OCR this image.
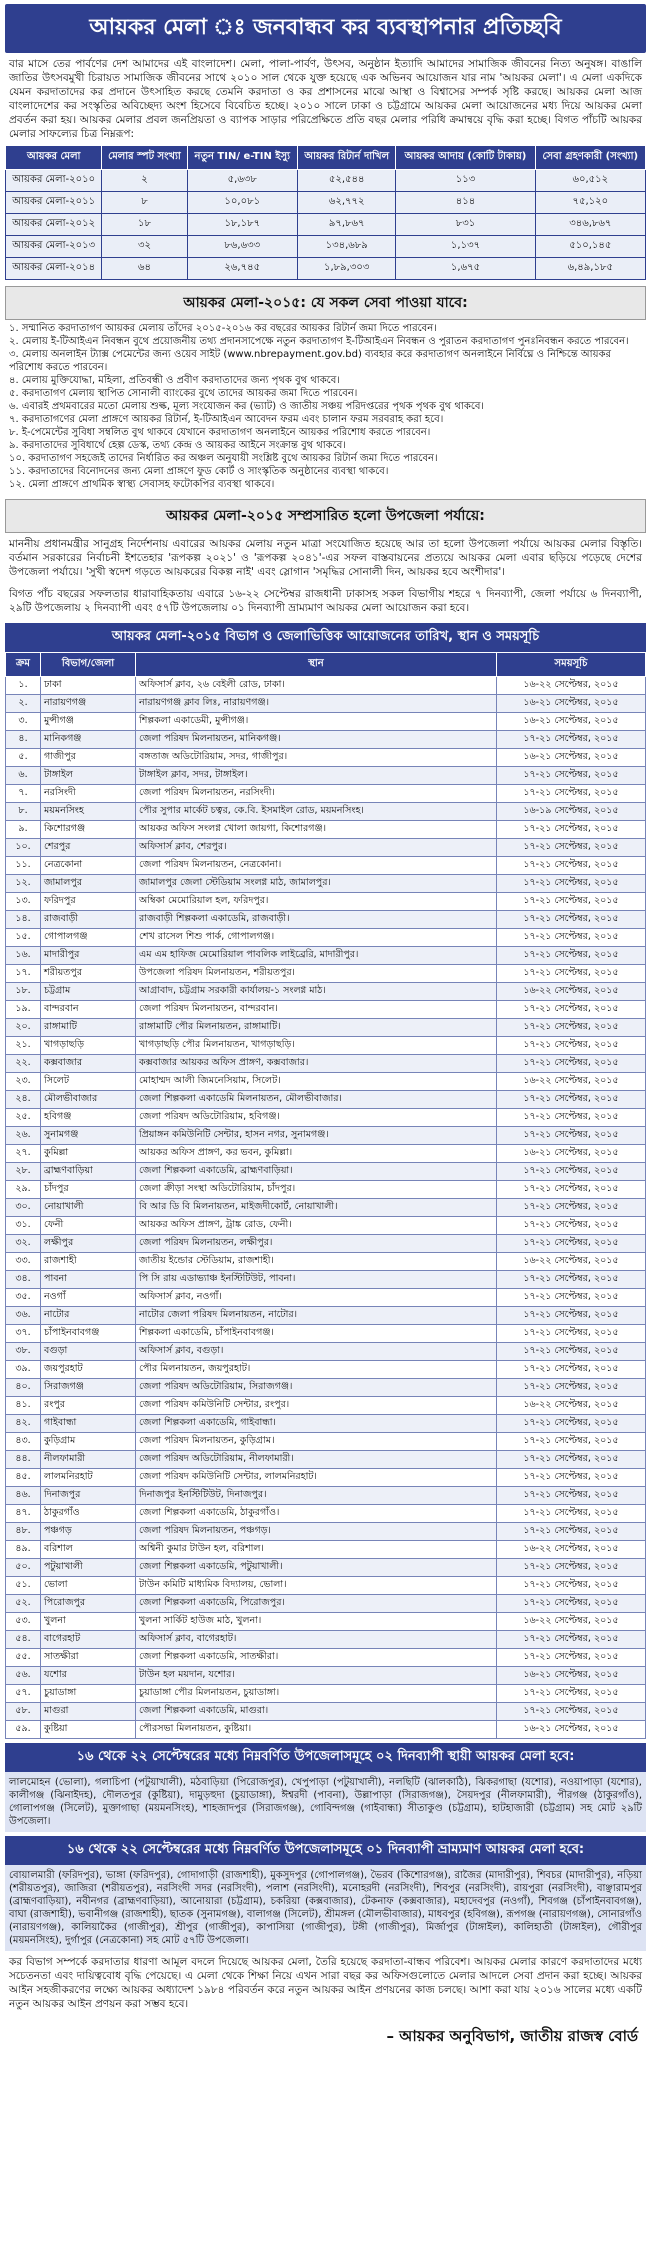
আয়কর মেলা ঃ জনবান্ধব কর ব্যবস্থাপনার প্রতিচ্ছবি
বার মাসে তের পার্বণের দেশ আমাদের এই বাংলাদেশ। মেলা, পালা-পার্বণ, উৎসব, অনুষ্ঠান ইত্যাদি আমাদের সামাজিক জীবনের নিত্য অনুষঙ্গ। বাঙালি জাতির উৎসবমুখী চিরায়ত সামাজিক জীবনের সাথে ২০১০ সাল থেকে যুক্ত হয়েছে এক অভিনব আয়োজন যার নাম 'আয়কর মেলা'। এ মেলা একদিকে যেমন করদাতাদের কর প্রদানে উৎসাহিত করছে তেমনি করদাতা ও কর প্রশাসনের মাঝে আস্থা ও বিশ্বাসের সম্পর্ক সৃষ্টি করছে। আয়কর মেলা আজ বাংলাদেশের কর সংস্কৃতির অবিচ্ছেদ্য অংশ হিসেবে বিবেচিত হচ্ছে। ২০১০ সালে ঢাকা ও চট্টগ্রামে আয়কর মেলা আয়োজনের মধ্য দিয়ে আয়কর মেলা প্রবর্তন করা হয়। আয়কর মেলার প্রবল জনপ্রিয়তা ও ব্যাপক সাড়ার পরিপ্রেক্ষিতে প্রতি বছর মেলার পরিধি ক্রমান্বয়ে বৃদ্ধি করা হচ্ছে। বিগত পাঁচটি আয়কর মেলার সাফল্যের চিত্র নিম্নরূপ:
আয়কর মেলা	মেলার স্পট সংখ্যা	নতুন TIN/ e-TIN ইস্যু	আয়কর রিটার্ন দাখিল	আয়কর আদায় (কোটি টাকায়)	সেবা গ্রহণকারী (সংখ্যা)
আয়কর মেলা-২০১০	২	৫,৬৩৮	৫২,৫৪৪	১১৩	৬০,৫১২
আয়কর মেলা-২০১১	৮	১০,০৮১	৬২,৭৭২	৪১৪	৭৫,১২০
আয়কর মেলা-২০১২	১৮	১৮,১৮৭	৯৭,৮৬৭	৮৩১	৩৪৬,৮৬৭
আয়কর মেলা-২০১৩	৩২	৮৬,৬৩৩	১৩৪,৬৮৯	১,১৩৭	৫১০,১৪৫
আয়কর মেলা-২০১৪	৬৪	২৬,৭৪৫	১,৮৯,৩০৩	১,৬৭৫	৬,৪৯,১৮৫
আয়কর মেলা-২০১৫: যে সকল সেবা পাওয়া যাবে:
১. সম্মানিত করদাতাগণ আয়কর মেলায় তাঁদের ২০১৫-২০১৬ কর বছরের আয়কর রিটার্ন জমা দিতে পারবেন।
২. মেলায় ই-টিআইএন নিবন্ধন বুথে প্রয়োজনীয় তথ্য প্রদানসাপেক্ষে নতুন করদাতাগণ ই-টিআইএন নিবন্ধন ও পুরাতন করদাতাগণ পুনঃনিবন্ধন করতে পারবেন।
৩. মেলায় অনলাইন ট্যাক্স পেমেন্টের জন্য ওয়েব সাইট (www.nbrepayment.gov.bd) ব্যবহার করে করদাতাগণ অনলাইনে নির্বিঘ্নে ও নিশ্চিন্তে আয়কর পরিশোধ করতে পারবেন।
৪. মেলায় মুক্তিযোদ্ধা, মহিলা, প্রতিবন্ধী ও প্রবীণ করদাতাদের জন্য পৃথক বুথ থাকবে।
৫. করদাতাগণ মেলায় স্থাপিত সোনালী ব্যাংকের বুথে তাদের আয়কর জমা দিতে পারবেন।
৬. এবারই প্রথমবারের মতো মেলায় শুল্ক, মূল্য সংযোজন কর (ভ্যাট) ও জাতীয় সঞ্চয় পরিদপ্তরের পৃথক পৃথক বুথ থাকবে।
৭. করদাতাগণের মেলা প্রাঙ্গণে আয়কর রিটার্ন, ই-টিআইএন আবেদন ফরম এবং চালান ফরম সরবরাহ করা হবে।
৮. ই-পেমেন্টের সুবিধা সম্বলিত বুথ থাকবে যেখানে করদাতাগণ অনলাইনে আয়কর পরিশোধ করতে পারবেন।
৯. করদাতাদের সুবিধার্থে হেল্প ডেস্ক, তথ্য কেন্দ্র ও আয়কর আইনে সংক্রান্ত বুথ থাকবে।
১০. করদাতাগণ সহজেই তাদের নির্ধারিত কর অঞ্চল অনুযায়ী সংশ্লিষ্ট বুথে আয়কর রিটার্ন জমা দিতে পারবেন।
১১. করদাতাদের বিনোদনের জন্য মেলা প্রাঙ্গণে ফুড কোর্ট ও সাংস্কৃতিক অনুষ্ঠানের ব্যবস্থা থাকবে।
১২. মেলা প্রাঙ্গণে প্রাথমিক স্বাস্থ্য সেবাসহ ফটোকপির ব্যবস্থা থাকবে।
আয়কর মেলা-২০১৫ সম্প্রসারিত হলো উপজেলা পর্যায়ে:
মাননীয় প্রধানমন্ত্রীর সানুগ্রহ নির্দেশনায় এবারের আয়কর মেলায় নতুন মাত্রা সংযোজিত হয়েছে আর তা হলো উপজেলা পর্যায়ে আয়কর মেলার বিস্তৃতি। বর্তমান সরকারের নির্বাচনী ইশতেহার 'রূপকল্প ২০২১' ও 'রূপকল্প ২০৪১'-এর সফল বাস্তবায়নের প্রত্যয়ে আয়কর মেলা এবার ছড়িয়ে পড়েছে দেশের উপজেলা পর্যায়ে। 'সুখী স্বদেশ গড়তে আয়করের বিকল্প নাই' এবং স্লোগান 'সমৃদ্ধির সোনালী দিন, আয়কর হবে অংশীদার'।
বিগত পাঁচ বছরের সফলতার ধারাবাহিকতায় এবারে ১৬-২২ সেপ্টেম্বর রাজধানী ঢাকাসহ সকল বিভাগীয় শহরে ৭ দিনব্যাপী, জেলা পর্যায়ে ৬ দিনব্যাপী, ২৯টি উপজেলায় ২ দিনব্যাপী এবং ৫৭টি উপজেলায় ০১ দিনব্যাপী ভ্রাম্যমাণ আয়কর মেলা আয়োজন করা হবে।
আয়কর মেলা-২০১৫ বিভাগ ও জেলাভিত্তিক আয়োজনের তারিখ, স্থান ও সময়সূচি
ক্রম	বিভাগ/জেলা	স্থান	সময়সূচি
১.	ঢাকা	অফিসার্স ক্লাব, ২৬ বেইলী রোড, ঢাকা।	১৬-২২ সেপ্টেম্বর, ২০১৫
২.	নারায়ণগঞ্জ	নারায়ণগঞ্জ ক্লাব লিঃ, নারায়ণগঞ্জ।	১৬-২১ সেপ্টেম্বর, ২০১৫
৩.	মুন্সীগঞ্জ	শিল্পকলা একাডেমী, মুন্সীগঞ্জ।	১৬-২১ সেপ্টেম্বর, ২০১৫
৪.	মানিকগঞ্জ	জেলা পরিষদ মিলনায়তন, মানিকগঞ্জ।	১৭-২১ সেপ্টেম্বর, ২০১৫
৫.	গাজীপুর	বঙ্গতাজ অডিটোরিয়াম, সদর, গাজীপুর।	১৬-২১ সেপ্টেম্বর, ২০১৫
৬.	টাঙ্গাইল	টাঙ্গাইল ক্লাব, সদর, টাঙ্গাইল।	১৭-২১ সেপ্টেম্বর, ২০১৫
৭.	নরসিংদী	জেলা পরিষদ মিলনায়তন, নরসিংদী।	১৭-২১ সেপ্টেম্বর, ২০১৫
৮.	ময়মনসিংহ	পৌর সুপার মার্কেট চত্বর, কে.বি. ইসমাইল রোড, ময়মনসিংহ।	১৬-১৯ সেপ্টেম্বর, ২০১৫
৯.	কিশোরগঞ্জ	আয়কর অফিস সংলগ্ন খোলা জায়গা, কিশোরগঞ্জ।	১৭-২১ সেপ্টেম্বর, ২০১৫
১০.	শেরপুর	অফিসার্স ক্লাব, শেরপুর।	১৭-২১ সেপ্টেম্বর, ২০১৫
১১.	নেত্রকোনা	জেলা পরিষদ মিলনায়তন, নেত্রকোনা।	১৭-২১ সেপ্টেম্বর, ২০১৫
১২.	জামালপুর	জামালপুর জেলা স্টেডিয়াম সংলগ্ন মাঠ, জামালপুর।	১৭-২১ সেপ্টেম্বর, ২০১৫
১৩.	ফরিদপুর	অম্বিকা মেমোরিয়াল হল, ফরিদপুর।	১৭-২১ সেপ্টেম্বর, ২০১৫
১৪.	রাজবাড়ী	রাজবাড়ী শিল্পকলা একাডেমি, রাজবাড়ী।	১৭-২১ সেপ্টেম্বর, ২০১৫
১৫.	গোপালগঞ্জ	শেখ রাসেল শিশু পার্ক, গোপালগঞ্জ।	১৭-২১ সেপ্টেম্বর, ২০১৫
১৬.	মাদারীপুর	এম এম হাফিজ মেমোরিয়াল পাবলিক লাইব্রেরি, মাদারীপুর।	১৭-২১ সেপ্টেম্বর, ২০১৫
১৭.	শরীয়তপুর	উপজেলা পরিষদ মিলনায়তন, শরীয়তপুর।	১৭-২১ সেপ্টেম্বর, ২০১৫
১৮.	চট্টগ্রাম	আগ্রাবাদ, চট্টগ্রাম সরকারী কার্যালয়-১ সংলগ্ন মাঠ।	১৬-২২ সেপ্টেম্বর, ২০১৫
১৯.	বান্দরবান	জেলা পরিষদ মিলনায়তন, বান্দরবান।	১৭-২১ সেপ্টেম্বর, ২০১৫
২০.	রাঙ্গামাটি	রাঙ্গামাটি পৌর মিলনায়তন, রাঙ্গামাটি।	১৭-২১ সেপ্টেম্বর, ২০১৫
২১.	খাগড়াছড়ি	খাগড়াছড়ি পৌর মিলনায়তন, খাগড়াছড়ি।	১৭-২১ সেপ্টেম্বর, ২০১৫
২২.	কক্সবাজার	কক্সবাজার আয়কর অফিস প্রাঙ্গণ, কক্সবাজার।	১৭-২১ সেপ্টেম্বর, ২০১৫
২৩.	সিলেট	মোহাম্মদ আলী জিমনেসিয়াম, সিলেট।	১৬-২২ সেপ্টেম্বর, ২০১৫
২৪.	মৌলভীবাজার	জেলা শিল্পকলা একাডেমি মিলনায়তন, মৌলভীবাজার।	১৭-২১ সেপ্টেম্বর, ২০১৫
২৫.	হবিগঞ্জ	জেলা পরিষদ অডিটোরিয়াম, হবিগঞ্জ।	১৭-২১ সেপ্টেম্বর, ২০১৫
২৬.	সুনামগঞ্জ	প্রিয়াঙ্গন কমিউনিটি সেন্টার, হাসন নগর, সুনামগঞ্জ।	১৭-২১ সেপ্টেম্বর, ২০১৫
২৭.	কুমিল্লা	আয়কর অফিস প্রাঙ্গণ, কর ভবন, কুমিল্লা।	১৬-২১ সেপ্টেম্বর, ২০১৫
২৮.	ব্রাহ্মণবাড়িয়া	জেলা শিল্পকলা একাডেমি, ব্রাহ্মণবাড়িয়া।	১৭-২১ সেপ্টেম্বর, ২০১৫
২৯.	চাঁদপুর	জেলা ক্রীড়া সংস্থা অডিটোরিয়াম, চাঁদপুর।	১৭-২১ সেপ্টেম্বর, ২০১৫
৩০.	নোয়াখালী	বি আর ডি বি মিলনায়তন, মাইজদীকোর্ট, নোয়াখালী।	১৭-২১ সেপ্টেম্বর, ২০১৫
৩১.	ফেনী	আয়কর অফিস প্রাঙ্গণ, ট্রাঙ্ক রোড, ফেনী।	১৭-২১ সেপ্টেম্বর, ২০১৫
৩২.	লক্ষীপুর	জেলা পরিষদ মিলনায়তন, লক্ষীপুর।	১৭-২১ সেপ্টেম্বর, ২০১৫
৩৩.	রাজশাহী	জাতীয় ইন্ডোর স্টেডিয়াম, রাজশাহী।	১৬-২২ সেপ্টেম্বর, ২০১৫
৩৪.	পাবনা	পি সি রায় এডাভ্যাঞ্চ ইনস্টিটিউট, পাবনা।	১৭-২১ সেপ্টেম্বর, ২০১৫
৩৫.	নওগাঁ	অফিসার্স ক্লাব, নওগাঁ।	১৭-২১ সেপ্টেম্বর, ২০১৫
৩৬.	নাটোর	নাটোর জেলা পরিষদ মিলনায়তন, নাটোর।	১৭-২১ সেপ্টেম্বর, ২০১৫
৩৭.	চাঁপাইনবাবগঞ্জ	শিল্পকলা একাডেমি, চাঁপাইনবাবগঞ্জ।	১৭-২১ সেপ্টেম্বর, ২০১৫
৩৮.	বগুড়া	অফিসার্স ক্লাব, বগুড়া।	১৭-২১ সেপ্টেম্বর, ২০১৫
৩৯.	জয়পুরহাট	পৌর মিলনায়তন, জয়পুরহাট।	১৭-২১ সেপ্টেম্বর, ২০১৫
৪০.	সিরাজগঞ্জ	জেলা পরিষদ অডিটোরিয়াম, সিরাজগঞ্জ।	১৭-২১ সেপ্টেম্বর, ২০১৫
৪১.	রংপুর	জেলা পরিষদ কমিউনিটি সেন্টার, রংপুর।	১৬-২২ সেপ্টেম্বর, ২০১৫
৪২.	গাইবান্ধা	জেলা শিল্পকলা একাডেমি, গাইবান্ধা।	১৭-২১ সেপ্টেম্বর, ২০১৫
৪৩.	কুড়িগ্রাম	জেলা পরিষদ মিলনায়তন, কুড়িগ্রাম।	১৭-২১ সেপ্টেম্বর, ২০১৫
৪৪.	নীলফামারী	জেলা পরিষদ অডিটোরিয়াম, নীলফামারী।	১৭-২১ সেপ্টেম্বর, ২০১৫
৪৫.	লালমনিরহাট	জেলা পরিষদ কমিউনিটি সেন্টার, লালমনিরহাট।	১৭-২১ সেপ্টেম্বর, ২০১৫
৪৬.	দিনাজপুর	দিনাজপুর ইনস্টিটিউট, দিনাজপুর।	১৭-২১ সেপ্টেম্বর, ২০১৫
৪৭.	ঠাকুরগাঁও	জেলা শিল্পকলা একাডেমি, ঠাকুরগাঁও।	১৭-২১ সেপ্টেম্বর, ২০১৫
৪৮.	পঞ্চগড়	জেলা পরিষদ মিলনায়তন, পঞ্চগড়।	১৭-২১ সেপ্টেম্বর, ২০১৫
৪৯.	বরিশাল	অশ্বিনী কুমার টাউন হল, বরিশাল।	১৬-২২ সেপ্টেম্বর, ২০১৫
৫০.	পটুয়াখালী	জেলা শিল্পকলা একাডেমি, পটুয়াখালী।	১৭-২১ সেপ্টেম্বর, ২০১৫
৫১.	ভোলা	টাউন কমিটি মাধ্যমিক বিদ্যালয়, ভোলা।	১৭-২১ সেপ্টেম্বর, ২০১৫
৫২.	পিরোজপুর	জেলা শিল্পকলা একাডেমি, পিরোজপুর।	১৭-২১ সেপ্টেম্বর, ২০১৫
৫৩.	খুলনা	খুলনা সার্কিট হাউজ মাঠ, খুলনা।	১৬-২২ সেপ্টেম্বর, ২০১৫
৫৪.	বাগেরহাট	অফিসার্স ক্লাব, বাগেরহাট।	১৭-২১ সেপ্টেম্বর, ২০১৫
৫৫.	সাতক্ষীরা	জেলা শিল্পকলা একাডেমি, সাতক্ষীরা।	১৭-২১ সেপ্টেম্বর, ২০১৫
৫৬.	যশোর	টাউন হল ময়দান, যশোর।	১৬-২১ সেপ্টেম্বর, ২০১৫
৫৭.	চুয়াডাঙ্গা	চুয়াডাঙ্গা পৌর মিলনায়তন, চুয়াডাঙ্গা।	১৭-২১ সেপ্টেম্বর, ২০১৫
৫৮.	মাগুরা	জেলা শিল্পকলা একাডেমি, মাগুরা।	১৭-২১ সেপ্টেম্বর, ২০১৫
৫৯.	কুষ্টিয়া	পৌরসভা মিলনায়তন, কুষ্টিয়া।	১৬-২১ সেপ্টেম্বর, ২০১৫
১৬ থেকে ২২ সেপ্টেম্বরের মধ্যে নিম্নবর্ণিত উপজেলাসমূহে ০২ দিনব্যাপী স্থায়ী আয়কর মেলা হবে:
লালমোহন (ভোলা), গলাচিপা (পটুয়াখালী), মঠবাড়িয়া (পিরোজপুর), খেপুপাড়া (পটুয়াখালী), নলছিটি (ঝালকাঠি), ঝিকরগাছা (যশোর), নওয়াপাড়া (যশোর), কালীগঞ্জ (ঝিনাইদহ), দৌলতপুর (কুষ্টিয়া), দামুড়হুদা (চুয়াডাঙ্গা), ঈশ্বরদী (পাবনা), উল্লাপাড়া (সিরাজগঞ্জ), সৈয়দপুর (নীলফামারী), পীরগঞ্জ (ঠাকুরগাঁও), গোলাপগঞ্জ (সিলেট), মুক্তাগাছা (ময়মনসিংহ), শাহজাদপুর (সিরাজগঞ্জ), গোবিন্দগঞ্জ (গাইবান্ধা) সীতাকুণ্ড (চট্টগ্রাম), হাটহাজারী (চট্টগ্রাম) সহ মোট ২৯টি উপজেলা।
১৬ থেকে ২২ সেপ্টেম্বরের মধ্যে নিম্নবর্ণিত উপজেলাসমূহে ০১ দিনব্যাপী ভ্রাম্যমাণ আয়কর মেলা হবে:
বোয়ালমারী (ফরিদপুর), ভাঙ্গা (ফরিদপুর), গোদাগাড়ী (রাজশাহী), মুকসুদপুর (গোপালগঞ্জ), ভৈরব (কিশোরগঞ্জ), রাজৈর (মাদারীপুর), শিবচর (মাদারীপুর), নড়িয়া (শরীয়তপুর), জাজিরা (শরীয়তপুর), নরসিংদী সদর (নরসিংদী), পলাশ (নরসিংদী), মনোহরদী (নরসিংদী), শিবপুর (নরসিংদী), রায়পুরা (নরসিংদী), বাঞ্ছারামপুর (ব্রাহ্মণবাড়িয়া), নবীনগর (ব্রাহ্মণবাড়িয়া), আনোয়ারা (চট্টগ্রাম), চকরিয়া (কক্সবাজার), টেকনাফ (কক্সবাজার), মহাদেবপুর (নওগাঁ), শিবগঞ্জ (চাঁপাইনবাবগঞ্জ), বাঘা (রাজশাহী), ভবানীগঞ্জ (রাজশাহী), ছাতক (সুনামগঞ্জ), বালাগঞ্জ (সিলেট), শ্রীমঙ্গল (মৌলভীবাজার), মাধবপুর (হবিগঞ্জ), রূপগঞ্জ (নারায়ণগঞ্জ), সোনারগাঁও (নারায়ণগঞ্জ), কালিয়াকৈর (গাজীপুর), শ্রীপুর (গাজীপুর), কাপাসিয়া (গাজীপুর), টঙ্গী (গাজীপুর), মির্জাপুর (টাঙ্গাইল), কালিহাতী (টাঙ্গাইল), গৌরীপুর (ময়মনসিংহ), দুর্গাপুর (নেত্রকোনা) সহ মোট ৫৭টি উপজেলা।
কর বিভাগ সম্পর্কে করদাতার ধারণা আমূল বদলে দিয়েছে আয়কর মেলা, তৈরি হয়েছে করদাতা-বান্ধব পরিবেশ। আয়কর মেলার কারণে করদাতাদের মধ্যে সচেতনতা এবং দায়িত্ববোধ বৃদ্ধি পেয়েছে। এ মেলা থেকে শিক্ষা নিয়ে এখন সারা বছর কর অফিসগুলোতে মেলার আদলে সেবা প্রদান করা হচ্ছে। আয়কর আইন সহজীকরণের লক্ষ্যে আয়কর অধ্যাদেশ ১৯৮৪ পরিবর্তন করে নতুন আয়কর আইন প্রণয়নের কাজ চলছে। আশা করা যায় ২০১৬ সালের মধ্যে একটি নতুন আয়কর আইন প্রণয়ন করা সম্ভব হবে।
– আয়কর অনুবিভাগ, জাতীয় রাজস্ব বোর্ড
